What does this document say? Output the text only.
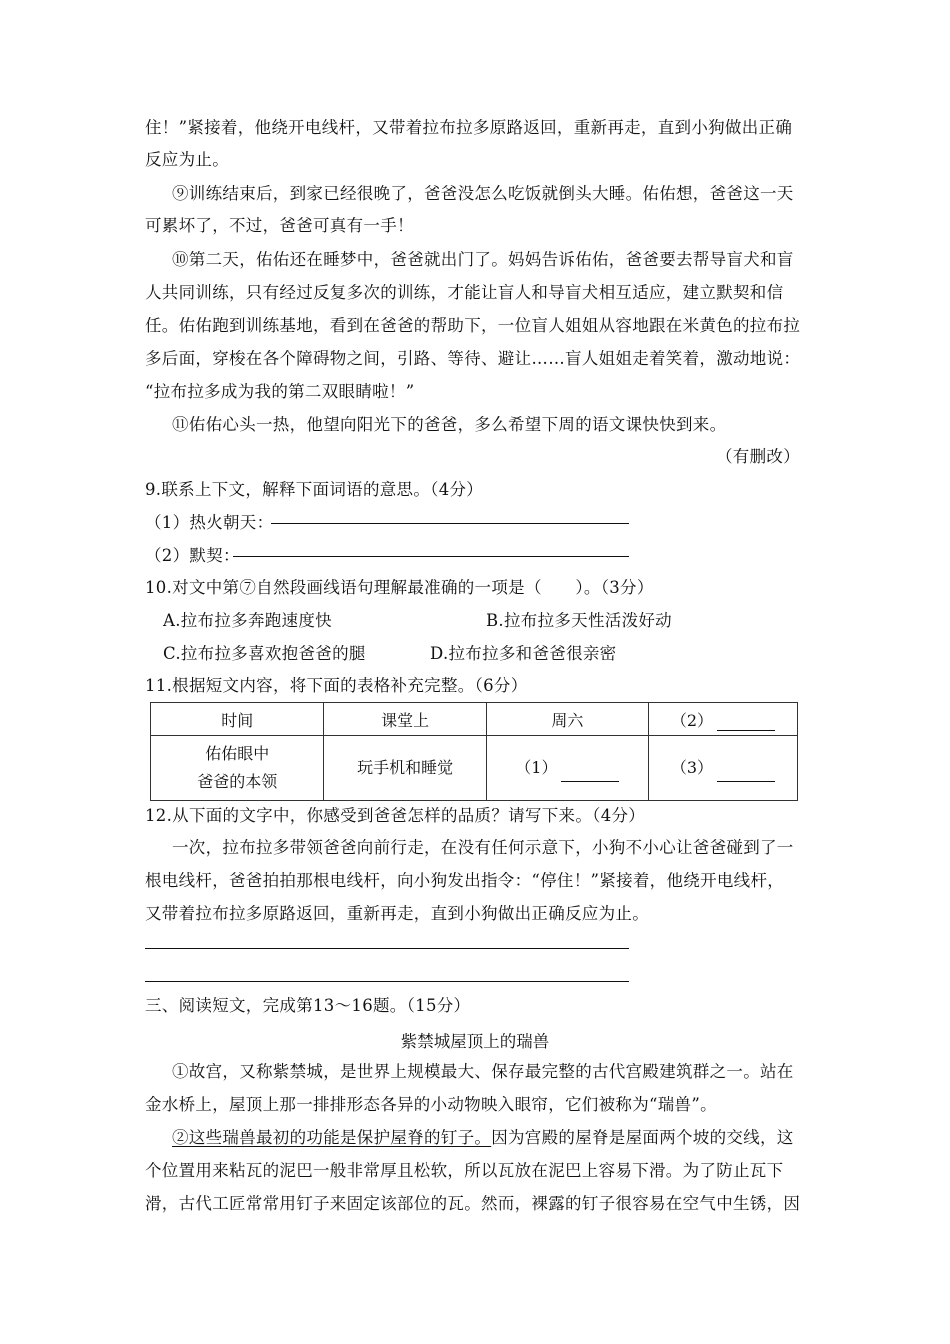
住！”紧接着，他绕开电线杆，又带着拉布拉多原路返回，重新再走，直到小狗做出正确
反应为止。
⑨训练结束后，到家已经很晚了，爸爸没怎么吃饭就倒头大睡。佑佑想，爸爸这一天
可累坏了，不过，爸爸可真有一手！
⑩第二天，佑佑还在睡梦中，爸爸就出门了。妈妈告诉佑佑，爸爸要去帮导盲犬和盲
人共同训练，只有经过反复多次的训练，才能让盲人和导盲犬相互适应，建立默契和信
任。佑佑跑到训练基地，看到在爸爸的帮助下，一位盲人姐姐从容地跟在米黄色的拉布拉
多后面，穿梭在各个障碍物之间，引路、等待、避让……盲人姐姐走着笑着，激动地说：
“拉布拉多成为我的第二双眼睛啦！”
⑪佑佑心头一热，他望向阳光下的爸爸，多么希望下周的语文课快快到来。
（有删改）
9.联系上下文，解释下面词语的意思。（4分）
（1）热火朝天：
（2）默契：
10.对文中第⑦自然段画线语句理解最准确的一项是（　　）。（3分）
A.拉布拉多奔跑速度快	B.拉布拉多天性活泼好动
C.拉布拉多喜欢抱爸爸的腿	D.拉布拉多和爸爸很亲密
11.根据短文内容，将下面的表格补充完整。（6分）
时间	课堂上	周六	（2）

佑佑眼中
爸爸的本领	玩手机和睡觉	（1）	（3）
12.从下面的文字中，你感受到爸爸怎样的品质？请写下来。（4分）
一次，拉布拉多带领爸爸向前行走，在没有任何示意下，小狗不小心让爸爸碰到了一
根电线杆，爸爸拍拍那根电线杆，向小狗发出指令：“停住！”紧接着，他绕开电线杆，
又带着拉布拉多原路返回，重新再走，直到小狗做出正确反应为止。
三、阅读短文，完成第13～16题。（15分）
紫禁城屋顶上的瑞兽
①故宫，又称紫禁城，是世界上规模最大、保存最完整的古代宫殿建筑群之一。站在
金水桥上，屋顶上那一排排形态各异的小动物映入眼帘，它们被称为“瑞兽”。
②这些瑞兽最初的功能是保护屋脊的钉子。因为宫殿的屋脊是屋面两个坡的交线，这
个位置用来粘瓦的泥巴一般非常厚且松软，所以瓦放在泥巴上容易下滑。为了防止瓦下
滑，古代工匠常常用钉子来固定该部位的瓦。然而，裸露的钉子很容易在空气中生锈，因
